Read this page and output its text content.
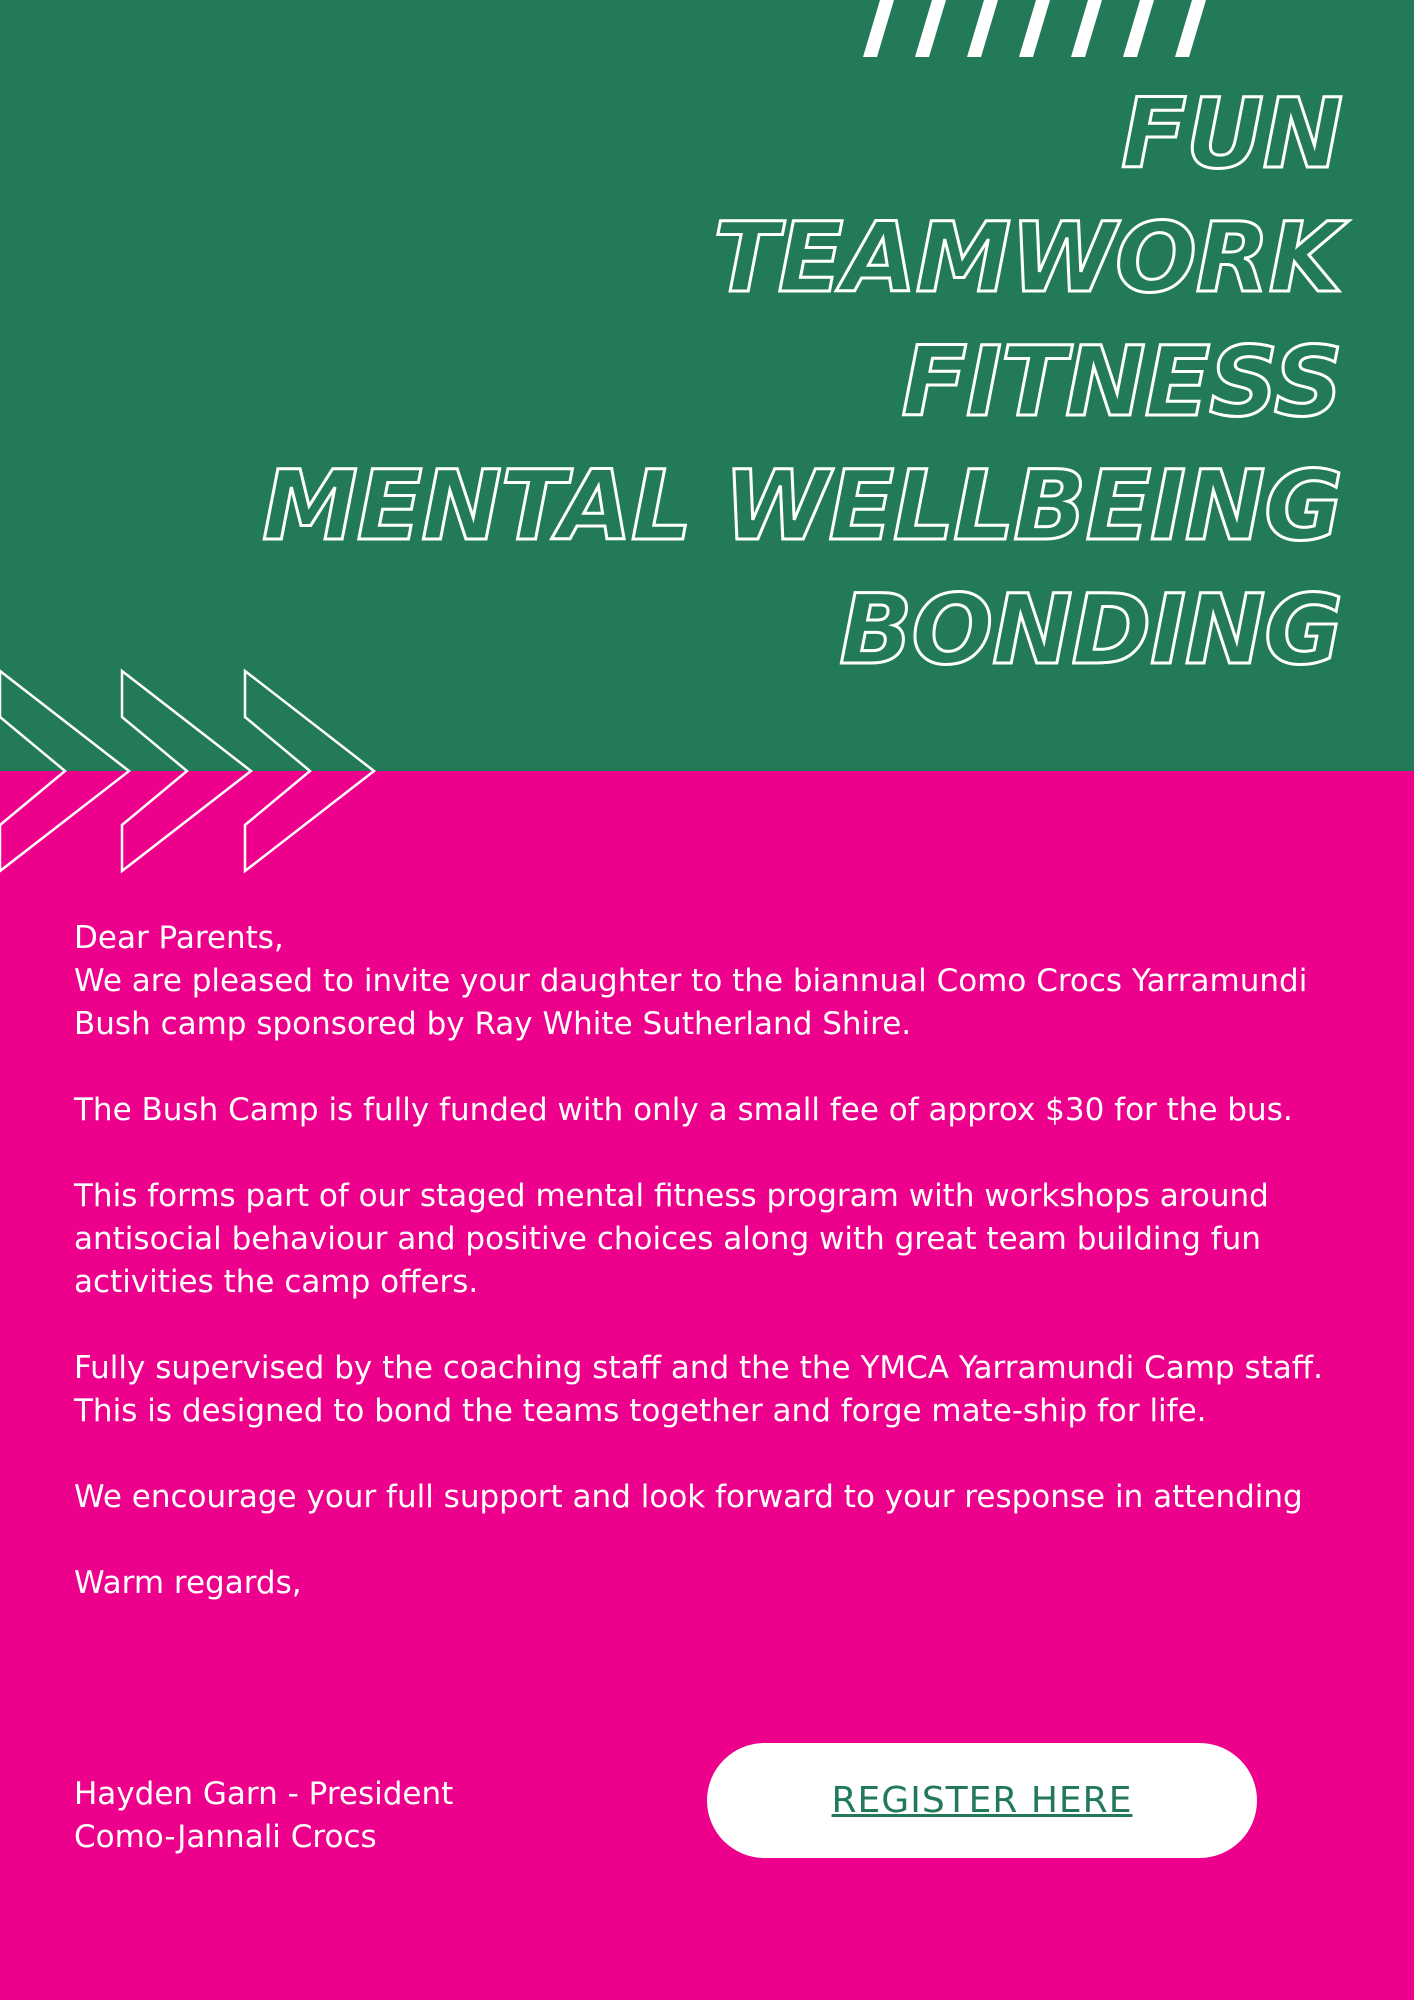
FUN
TEAMWORK
FITNESS
MENTAL WELLBEING
BONDING

Dear Parents,

We are pleased to invite your daughter to the biannual Como Crocs Yarramundi Bush camp sponsored by Ray White Sutherland Shire.

The Bush Camp is fully funded with only a small fee of approx $30 for the bus.

This forms part of our staged mental fitness program with workshops around antisocial behaviour and positive choices along with great team building fun activities the camp offers.

Fully supervised by the coaching staff and the the YMCA Yarramundi Camp staff. This is designed to bond the teams together and forge mate-ship for life.

We encourage your full support and look forward to your response in attending

Warm regards,

Hayden Garn - President
Como-Jannali Crocs
REGISTER HERE
